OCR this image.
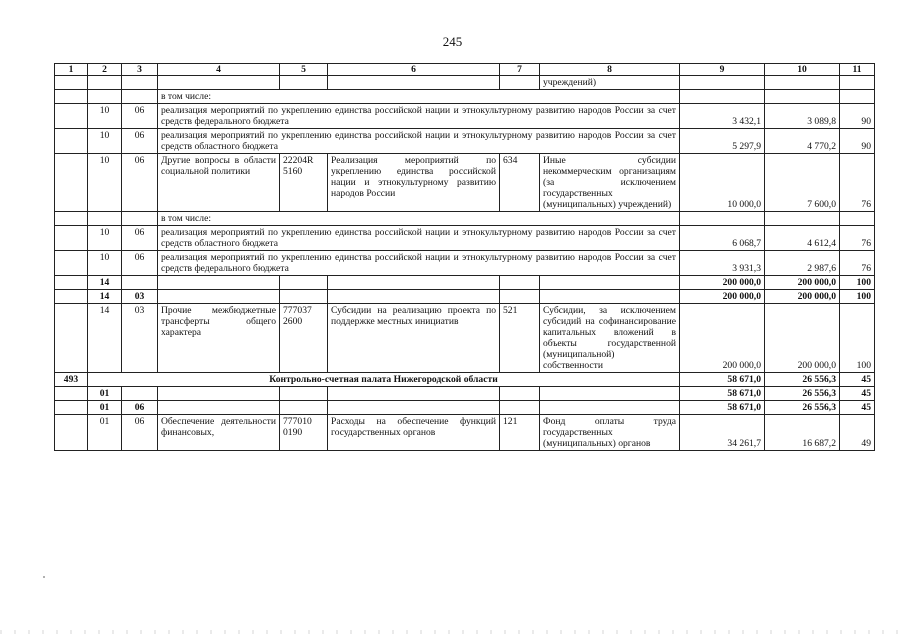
245
1	2	3	4	5	6	7	8	9	10	11
							учреждений)			
			в том числе:							
	10	06	реализация мероприятий по укреплению единства российской нации и этнокультурному развитию народов России за счет средств федерального бюджета					3 432,1	3 089,8	90
	10	06	реализация мероприятий по укреплению единства российской нации и этнокультурному развитию народов России за счет средств областного бюджета					5 297,9	4 770,2	90
	10	06	Другие вопросы в области социальной политики	22204R 5160	Реализация мероприятий по укреплению единства российской нации и этнокультурному развитию народов России	634	Иные субсидии некоммерческим организациям (за исключением государственных (муниципальных) учреждений)	10 000,0	7 600,0	76
			в том числе:							
	10	06	реализация мероприятий по укреплению единства российской нации и этнокультурному развитию народов России за счет средств областного бюджета					6 068,7	4 612,4	76
	10	06	реализация мероприятий по укреплению единства российской нации и этнокультурному развитию народов России за счет средств федерального бюджета					3 931,3	2 987,6	76
	14							200 000,0	200 000,0	100
	14	03						200 000,0	200 000,0	100
	14	03	Прочие межбюджетные трансферты общего характера	777037 2600	Субсидии на реализацию проекта по поддержке местных инициатив	521	Субсидии, за исключением субсидий на софинансирование капитальных вложений в объекты государственной (муниципальной) собственности	200 000,0	200 000,0	100
493	Контрольно-счетная палата Нижегородской области							58 671,0	26 556,3	45
	01							58 671,0	26 556,3	45
	01	06						58 671,0	26 556,3	45
	01	06	Обеспечение деятельности финансовых,	777010 0190	Расходы на обеспечение функций государственных органов	121	Фонд оплаты труда государственных (муниципальных) органов	34 261,7	16 687,2	49
